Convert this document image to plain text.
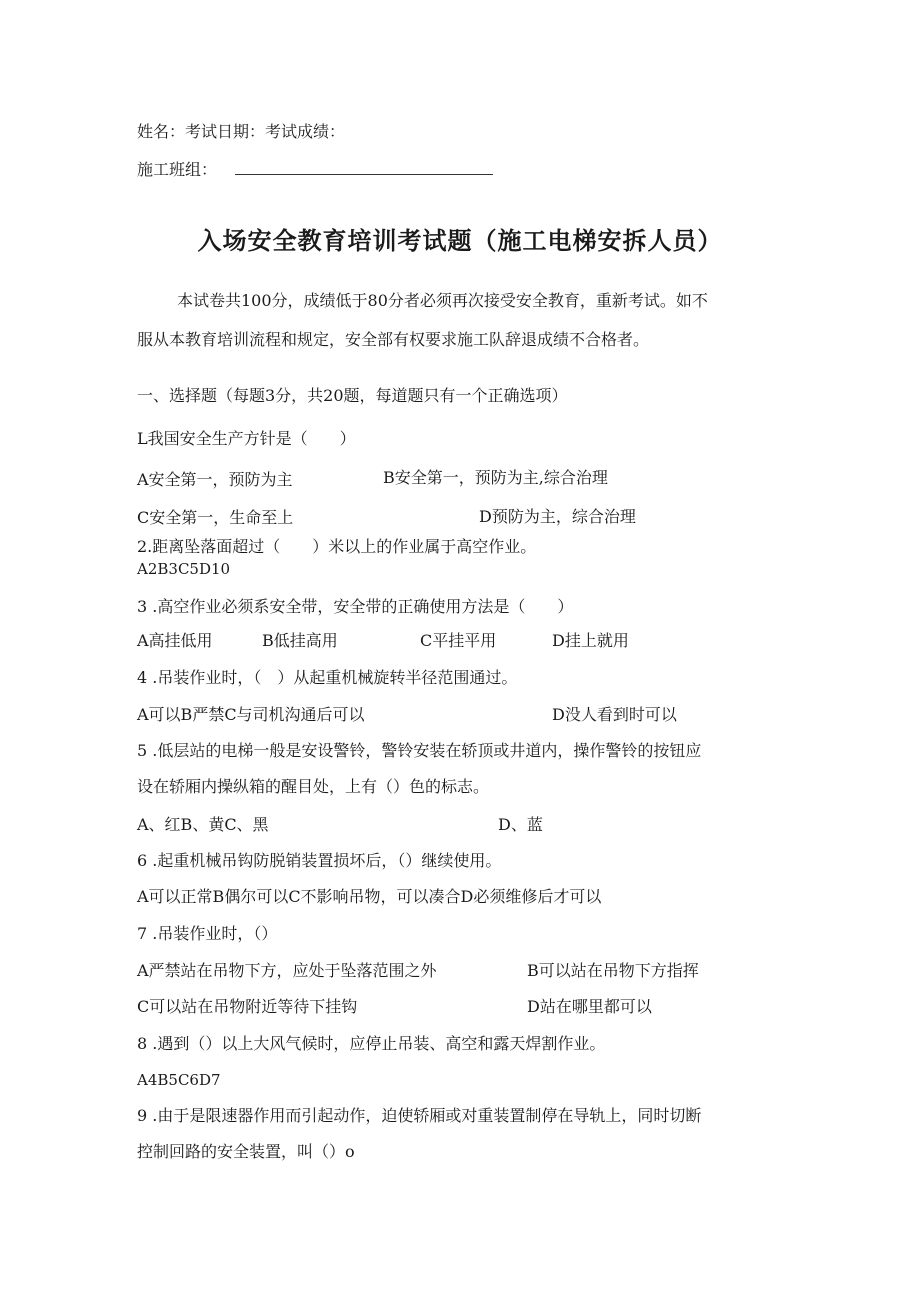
姓名：考试日期：考试成绩：
施工班组：
入场安全教育培训考试题（施工电梯安拆人员）
本试卷共100分，成绩低于80分者必须再次接受安全教育，重新考试。如不
服从本教育培训流程和规定，安全部有权要求施工队辞退成绩不合格者。
一、选择题（每题3分，共20题，每道题只有一个正确选项）
L我国安全生产方针是（　　）
A安全第一，预防为主	B安全第一，预防为主,综合治理
C安全第一，生命至上	D预防为主，综合治理
2.距离坠落面超过（　　）米以上的作业属于高空作业。
A2B3C5D10
3 .高空作业必须系安全带，安全带的正确使用方法是（　　）
A高挂低用	B低挂高用	C平挂平用	D挂上就用
4 .吊装作业时，（　）从起重机械旋转半径范围通过。
A可以B严禁C与司机沟通后可以	D没人看到时可以
5 .低层站的电梯一般是安设警铃，警铃安装在轿顶或井道内，操作警铃的按钮应
设在轿厢内操纵箱的醒目处，上有（）色的标志。
A、红B、黄C、黑	D、蓝
6 .起重机械吊钩防脱销装置损坏后，（）继续使用。
A可以正常B偶尔可以C不影响吊物，可以凑合D必须维修后才可以
7 .吊装作业时，（）
A严禁站在吊物下方，应处于坠落范围之外	B可以站在吊物下方指挥
C可以站在吊物附近等待下挂钩	D站在哪里都可以
8 .遇到（）以上大风气候时，应停止吊装、高空和露天焊割作业。
A4B5C6D7
9 .由于是限速器作用而引起动作，迫使轿厢或对重装置制停在导轨上，同时切断
控制回路的安全装置，叫（）o
